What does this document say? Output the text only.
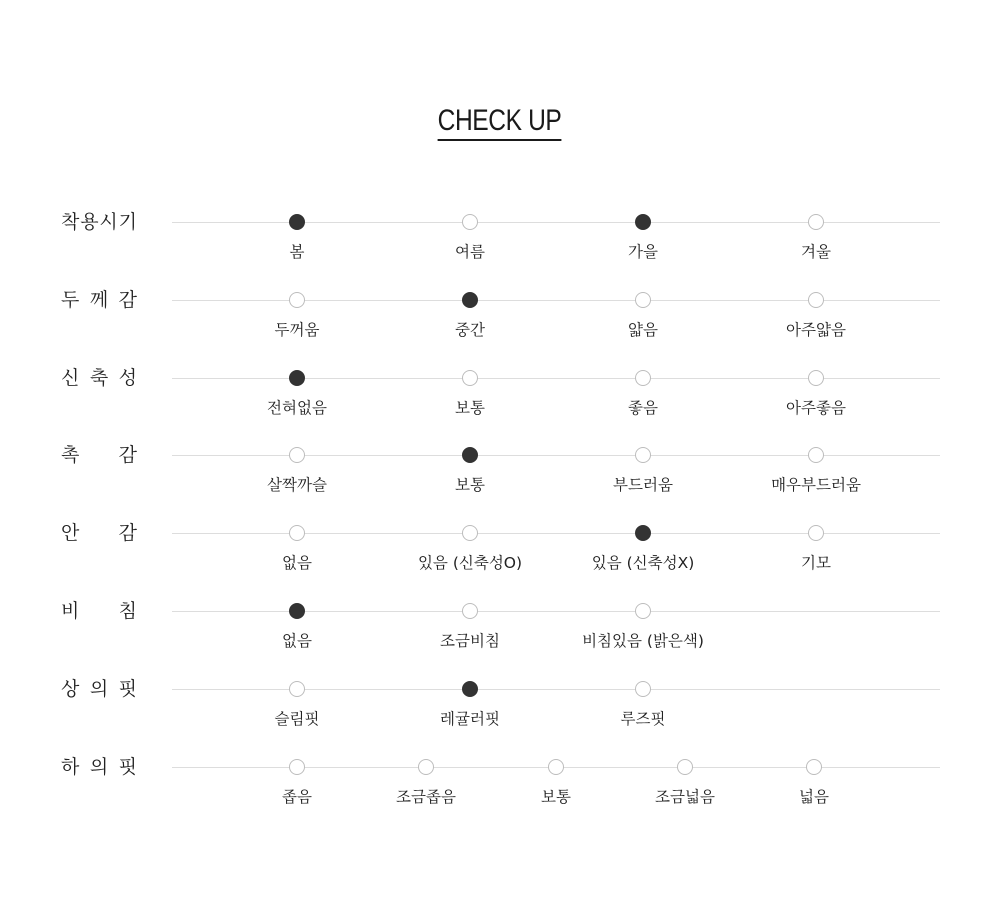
CHECK UP
착 용 시 기
봄	여름	가을	겨울
두 께 감
두꺼움	중간	얇음	아주얇음
신 축 성
전혀없음	보통	좋음	아주좋음
촉 감
살짝까슬	보통	부드러움	매우부드러움
안 감
없음	있음 (신축성O)	있음 (신축성X)	기모
비 침
없음	조금비침	비침있음 (밝은색)
상 의 핏
슬림핏	레귤러핏	루즈핏
하 의 핏
좁음	조금좁음	보통	조금넓음	넓음
